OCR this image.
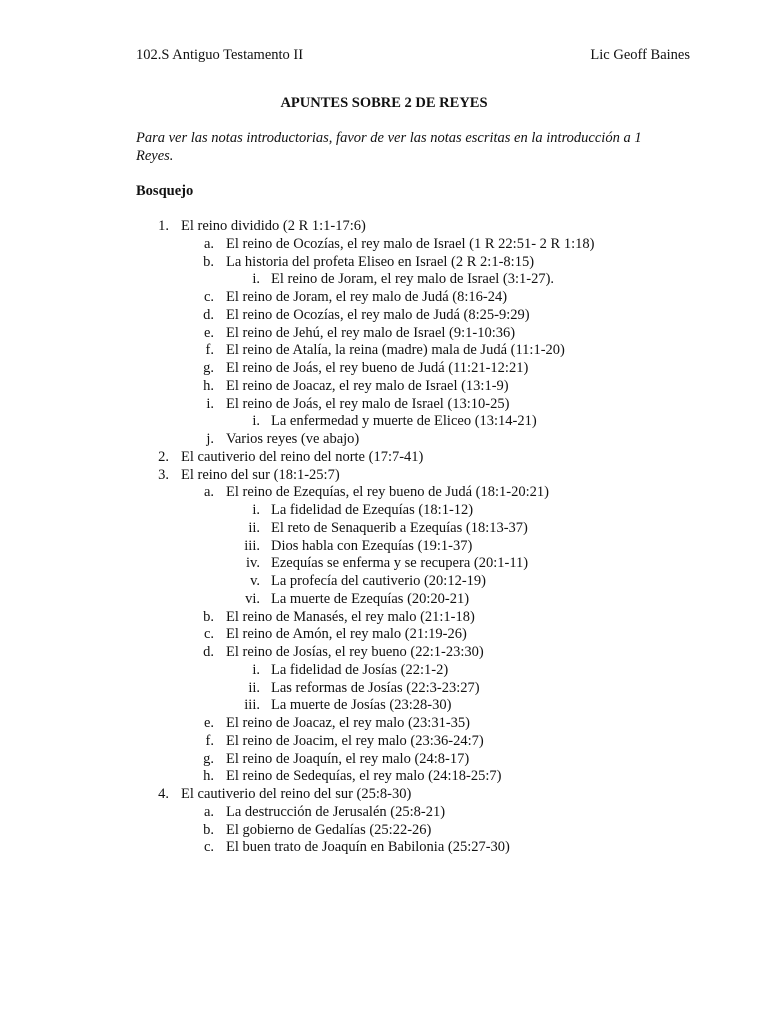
102.S Antiguo Testamento II	Lic Geoff Baines
APUNTES SOBRE 2 DE REYES
Para ver las notas introductorias, favor de ver las notas escritas en la introducción a 1 Reyes.
Bosquejo
1. El reino dividido (2 R 1:1-17:6)
a. El reino de Ocozías, el rey malo de Israel (1 R 22:51- 2 R 1:18)
b. La historia del profeta Eliseo en Israel (2 R 2:1-8:15)
i. El reino de Joram, el rey malo de Israel (3:1-27).
c. El reino de Joram, el rey malo de Judá (8:16-24)
d. El reino de Ocozías, el rey malo de Judá (8:25-9:29)
e. El reino de Jehú, el rey malo de Israel (9:1-10:36)
f. El reino de Atalía, la reina (madre) mala de Judá (11:1-20)
g. El reino de Joás, el rey bueno de Judá (11:21-12:21)
h. El reino de Joacaz, el rey malo de Israel (13:1-9)
i. El reino de Joás, el rey malo de Israel (13:10-25)
i. La enfermedad y muerte de Eliceo (13:14-21)
j. Varios reyes (ve abajo)
2. El cautiverio del reino del norte (17:7-41)
3. El reino del sur (18:1-25:7)
a. El reino de Ezequías, el rey bueno de Judá (18:1-20:21)
i. La fidelidad de Ezequías (18:1-12)
ii. El reto de Senaquerib a Ezequías (18:13-37)
iii. Dios habla con Ezequías (19:1-37)
iv. Ezequías se enferma y se recupera (20:1-11)
v. La profecía del cautiverio (20:12-19)
vi. La muerte de Ezequías (20:20-21)
b. El reino de Manasés, el rey malo (21:1-18)
c. El reino de Amón, el rey malo (21:19-26)
d. El reino de Josías, el rey bueno (22:1-23:30)
i. La fidelidad de Josías (22:1-2)
ii. Las reformas de Josías (22:3-23:27)
iii. La muerte de Josías (23:28-30)
e. El reino de Joacaz, el rey malo (23:31-35)
f. El reino de Joacim, el rey malo (23:36-24:7)
g. El reino de Joaquín, el rey malo (24:8-17)
h. El reino de Sedequías, el rey malo (24:18-25:7)
4. El cautiverio del reino del sur (25:8-30)
a. La destrucción de Jerusalén (25:8-21)
b. El gobierno de Gedalías (25:22-26)
c. El buen trato de Joaquín en Babilonia (25:27-30)
